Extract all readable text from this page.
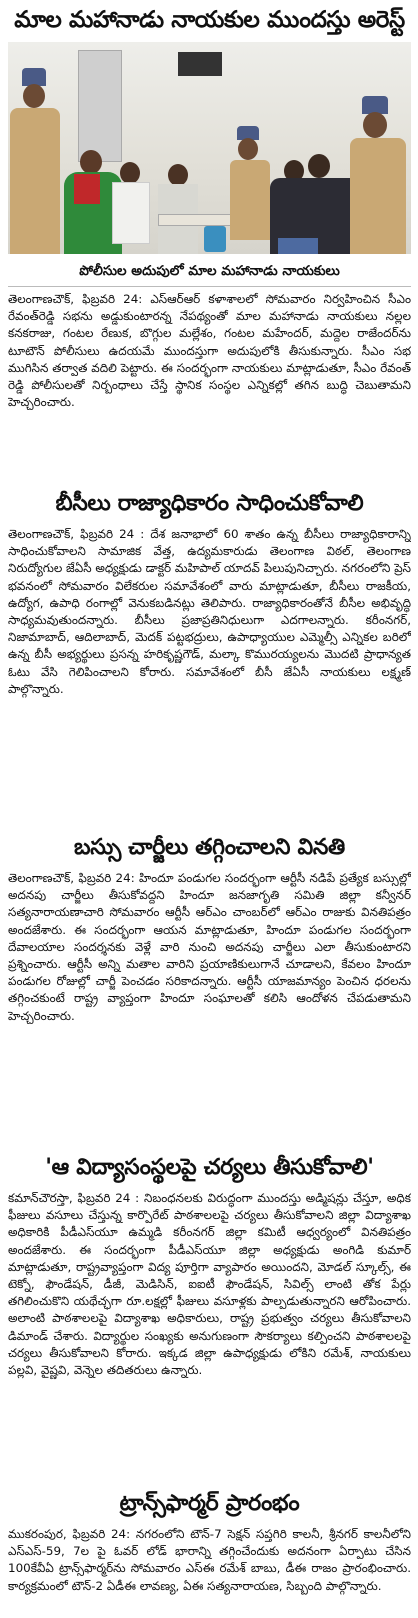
మాల మహానాడు నాయకుల ముందస్తు అరెస్ట్
పోలీసుల అదుపులో మాల మహానాడు నాయకులు

తెలంగాణచౌక్, ఫిబ్రవరి 24: ఎస్ఆర్ఆర్ కళాశాలలో సోమవారం నిర్వహించిన సీఎం రేవంత్‌రెడ్డి సభను అడ్డుకుంటారన్న నేపథ్యంతో మాల మహానాడు నాయకులు నల్లల కనకరాజు, గంటల రేణుక, బొగ్గుల మల్లేశం, గంటల మహేందర్, మద్దెల రాజేందర్‌ను టూటౌన్ పోలీసులు ఉదయమే ముందస్తుగా అదుపులోకి తీసుకున్నారు. సీఎం సభ ముగిసిన తర్వాత వదిలి పెట్టారు. ఈ సందర్భంగా నాయకులు మాట్లాడుతూ, సీఎం రేవంత్ రెడ్డి పోలీసులతో నిర్బంధాలు చేస్తే స్థానిక సంస్థల ఎన్నికల్లో తగిన బుద్ధి చెబుతామని హెచ్చరించారు.

బీసీలు రాజ్యాధికారం సాధించుకోవాలి

తెలంగాణచౌక్, ఫిబ్రవరి 24 : దేశ జనాభాలో 60 శాతం ఉన్న బీసీలు రాజ్యాధికారాన్ని సాధించుకోవాలని సామాజిక వేత్త, ఉద్యమకారుడు తెలంగాణ విఠల్, తెలంగాణ నిరుద్యోగుల జేఏసీ అధ్యక్షుడు డాక్టర్ మహిపాల్ యాదవ్ పిలుపునిచ్చారు. నగరంలోని ప్రెస్ భవనంలో సోమవారం విలేకరుల సమావేశంలో వారు మాట్లాడుతూ, బీసీలు రాజకీయ, ఉద్యోగ, ఉపాధి రంగాల్లో వెనుకబడినట్లు తెలిపారు. రాజ్యాధికారంతోనే బీసీల అభివృద్ధి సాధ్యమవుతుందన్నారు. బీసీలు ప్రజాప్రతినిధులుగా ఎదగాలన్నారు. కరీంనగర్, నిజామాబాద్, ఆదిలాబాద్, మెదక్ పట్టభద్రులు, ఉపాధ్యాయుల ఎమ్మెల్సీ ఎన్నికల బరిలో ఉన్న బీసీ అభ్యర్థులు ప్రసన్న హరికృష్ణగౌడ్, మల్కా కొమురయ్యలను మొదటి ప్రాధాన్యత ఓటు వేసి గెలిపించాలని కోరారు. సమావేశంలో బీసీ జేఏసీ నాయకులు లక్ష్మణ్ పాల్గొన్నారు.

బస్సు చార్జీలు తగ్గించాలని వినతి

తెలంగాణచౌక్, ఫిబ్రవరి 24: హిందూ పండుగల సందర్భంగా ఆర్టీసీ నడిపే ప్రత్యేక బస్సుల్లో అదనపు చార్జీలు తీసుకోవద్దని హిందూ జనజాగృతి సమితి జిల్లా కన్వీనర్ సత్యనారాయణాచారి సోమవారం ఆర్టీసీ ఆర్‌ఎం చాంబర్‌లో ఆర్‌ఎం రాజుకు వినతిపత్రం అందజేశారు. ఈ సందర్భంగా ఆయన మాట్లాడుతూ, హిందూ పండుగల సందర్భంగా దేవాలయాల సందర్శనకు వెళ్లే వారి నుంచి అదనపు చార్జీలు ఎలా తీసుకుంటారని ప్రశ్నించారు. ఆర్టీసీ అన్ని మతాల వారిని ప్రయాణికులుగానే చూడాలని, కేవలం హిందూ పండుగల రోజుల్లో చార్జీ పెంచడం సరికాదన్నారు. ఆర్టీసీ యాజమాన్యం పెంచిన ధరలను తగ్గించకుంటే రాష్ట్ర వ్యాప్తంగా హిందూ సంఘాలతో కలిసి ఆందోళన చేపడుతామని హెచ్చరించారు.

'ఆ విద్యాసంస్థలపై చర్యలు తీసుకోవాలి'

కమాన్‌చౌరస్తా, ఫిబ్రవరి 24 : నిబంధనలకు విరుద్ధంగా ముందస్తు అడ్మిషన్లు చేస్తూ, అధిక ఫీజులు వసూలు చేస్తున్న కార్పొరేట్ పాఠశాలలపై చర్యలు తీసుకోవాలని జిల్లా విద్యాశాఖ అధికారికి పీడీఎస్‌యూ ఉమ్మడి కరీంనగర్ జిల్లా కమిటీ ఆధ్వర్యంలో వినతిపత్రం అందజేశారు. ఈ సందర్భంగా పీడీఎస్‌యూ జిల్లా అధ్యక్షుడు అంగిడి కుమార్ మాట్లాడుతూ, రాష్ట్రవ్యాప్తంగా విద్య పూర్తిగా వ్యాపారం అయిందని, మోడల్ స్కూల్స్, ఈ టెక్నో, ఫౌండేషన్, డీజీ, మెడిసిన్, ఐఐటీ ఫౌండేషన్, సివిల్స్ లాంటి తోక పేర్లు తగిలించుకొని యథేచ్ఛగా రూ.లక్షల్లో ఫీజులు వసూళ్లకు పాల్పడుతున్నారని ఆరోపించారు. అలాంటి పాఠశాలలపై విద్యాశాఖ అధికారులు, రాష్ట్ర ప్రభుత్వం చర్యలు తీసుకోవాలని డిమాండ్ చేశారు. విద్యార్థుల సంఖ్యకు అనుగుణంగా సౌకర్యాలు కల్పించని పాఠశాలలపై చర్యలు తీసుకోవాలని కోరారు. ఇక్కడ జిల్లా ఉపాధ్యక్షుడు లోకిని రమేశ్, నాయకులు పల్లవి, వైష్ణవి, వెన్నెల తదితరులు ఉన్నారు.

ట్రాన్స్‌ఫార్మర్ ప్రారంభం

ముకరంపుర, ఫిబ్రవరి 24: నగరంలోని టౌన్-7 సెక్షన్ సప్తగిరి కాలనీ, శ్రీనగర్ కాలనీలోని ఎస్ఎస్-59, 7ల పై ఓవర్ లోడ్ భారాన్ని తగ్గించేందుకు అదనంగా ఏర్పాటు చేసిన 100కేవీఏ ట్రాన్స్‌ఫార్మర్‌ను సోమవారం ఎస్ఈ రమేశ్ బాబు, డీఈ రాజం ప్రారంభించారు. కార్యక్రమంలో టౌన్-2 ఏడీఈ లావణ్య, ఏఈ సత్యనారాయణ, సిబ్బంది పాల్గొన్నారు.
